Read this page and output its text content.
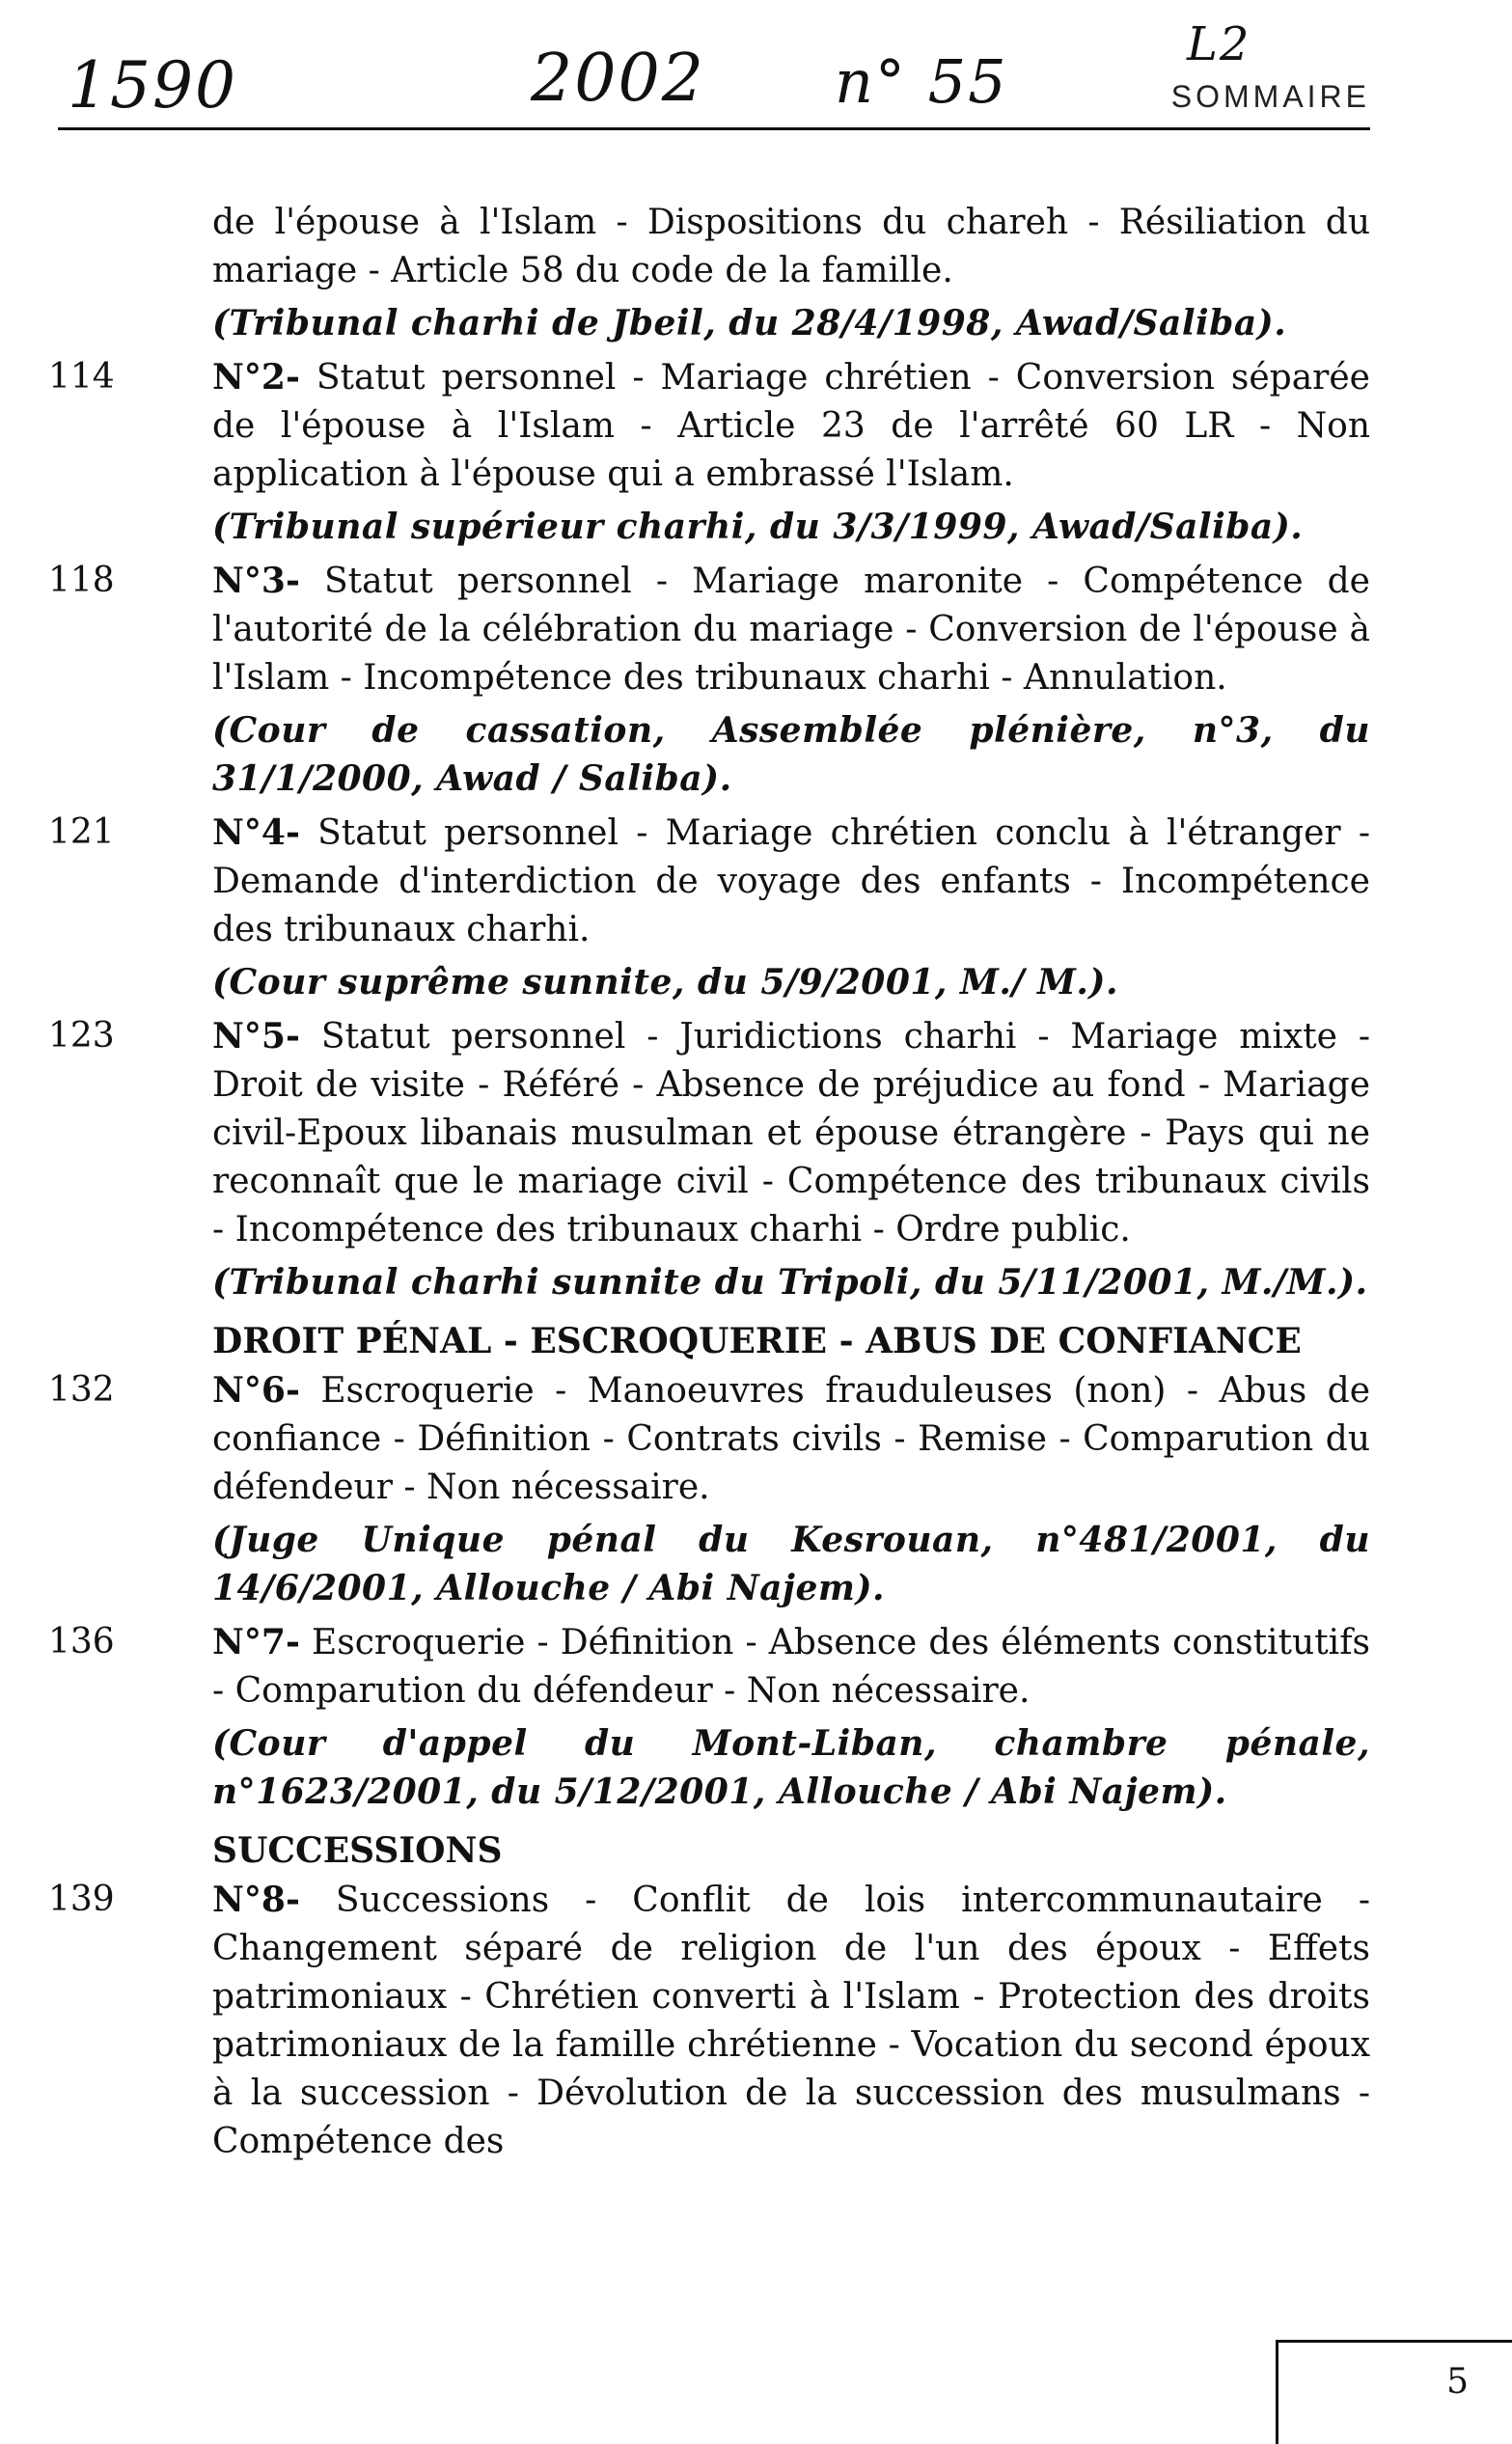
1590	2002 n° 55
L2
SOMMAIRE
de l'épouse à l'Islam - Dispositions du chareh - Résiliation du mariage - Article 58 du code de la famille.
(Tribunal charhi de Jbeil, du 28/4/1998, Awad/Saliba).
114	N°2- Statut personnel - Mariage chrétien - Conversion séparée de l'épouse à l'Islam - Article 23 de l'arrêté 60 LR - Non application à l'épouse qui a embrassé l'Islam.
(Tribunal supérieur charhi, du 3/3/1999, Awad/Saliba).
118	N°3- Statut personnel - Mariage maronite - Compétence de l'autorité de la célébration du mariage - Conversion de l'épouse à l'Islam - Incompétence des tribunaux charhi - Annulation.
(Cour de cassation, Assemblée plénière, n°3, du 31/1/2000, Awad / Saliba).
121	N°4- Statut personnel - Mariage chrétien conclu à l'étranger - Demande d'interdiction de voyage des enfants - Incompétence des tribunaux charhi.
(Cour suprême sunnite, du 5/9/2001, M./ M.).
123	N°5- Statut personnel - Juridictions charhi - Mariage mixte - Droit de visite - Référé - Absence de préjudice au fond - Mariage civil-Epoux libanais musulman et épouse étrangère - Pays qui ne reconnaît que le mariage civil - Compétence des tribunaux civils - Incompétence des tribunaux charhi - Ordre public.
(Tribunal charhi sunnite du Tripoli, du 5/11/2001, M./M.).
DROIT PÉNAL - ESCROQUERIE - ABUS DE CONFIANCE
132	N°6- Escroquerie - Manoeuvres frauduleuses (non) - Abus de confiance - Définition - Contrats civils - Remise - Comparution du défendeur - Non nécessaire.
(Juge Unique pénal du Kesrouan, n°481/2001, du 14/6/2001, Allouche / Abi Najem).
136	N°7- Escroquerie - Définition - Absence des éléments constitutifs - Comparution du défendeur - Non nécessaire.
(Cour d'appel du Mont-Liban, chambre pénale, n°1623/2001, du 5/12/2001, Allouche / Abi Najem).
SUCCESSIONS
139	N°8- Successions - Conflit de lois intercommunautaire - Changement séparé de religion de l'un des époux - Effets patrimoniaux - Chrétien converti à l'Islam - Protection des droits patrimoniaux de la famille chrétienne - Vocation du second époux à la succession - Dévolution de la succession des musulmans - Compétence des
5
